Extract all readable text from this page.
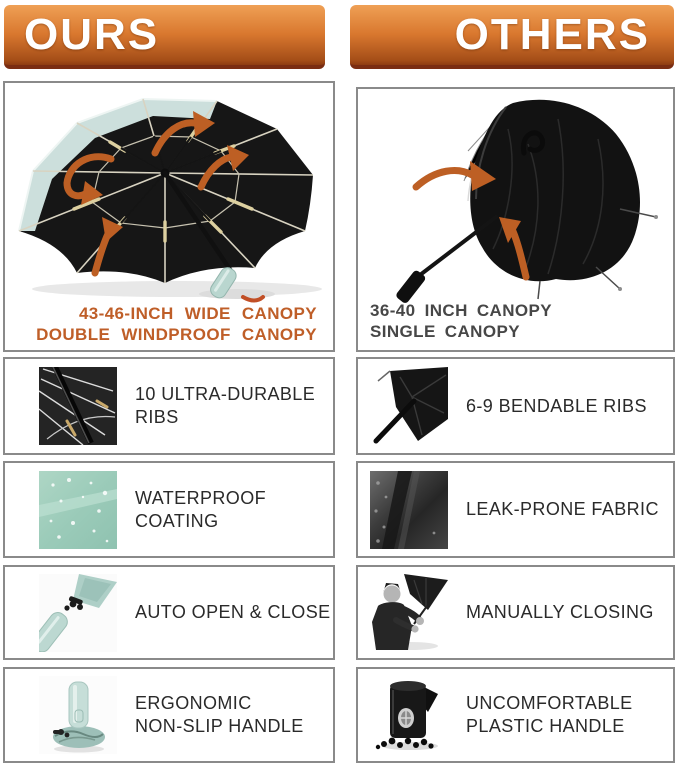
OURS	OTHERS
43-46-INCH WIDE CANOPY
DOUBLE WINDPROOF CANOPY
36-40 INCH CANOPY
SINGLE CANOPY
10 ULTRA-DURABLE RIBS
WATERPROOF
COATING
AUTO OPEN & CLOSE
ERGONOMIC
NON-SLIP HANDLE
6-9 BENDABLE RIBS
LEAK-PRONE FABRIC
MANUALLY CLOSING
UNCOMFORTABLE
PLASTIC HANDLE
